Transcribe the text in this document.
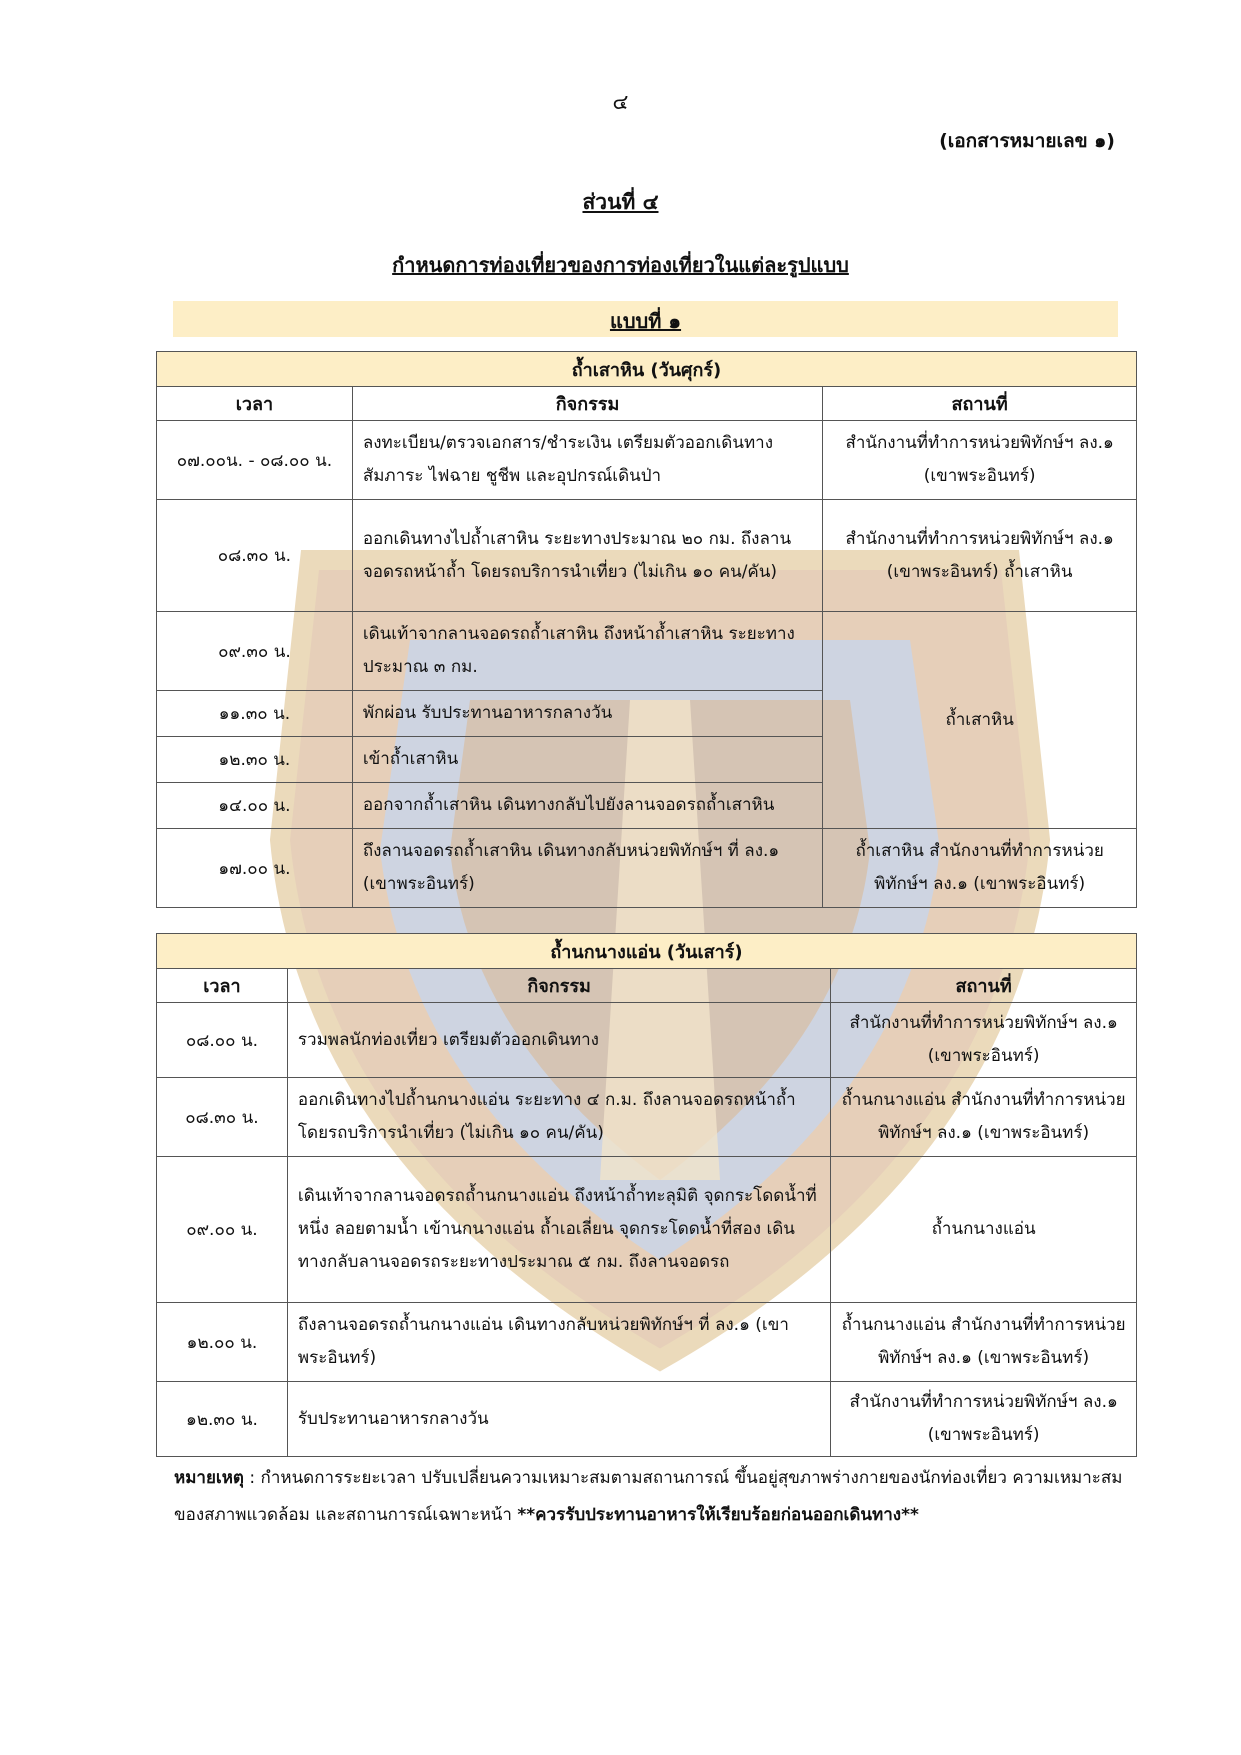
๔
(เอกสารหมายเลข ๑)
ส่วนที่ ๔
กำหนดการท่องเที่ยวของการท่องเที่ยวในแต่ละรูปแบบ
แบบที่ ๑
ถ้ำเสาหิน (วันศุกร์)		
เวลา	กิจกรรม	สถานที่
๐๗.๐๐น. - ๐๘.๐๐ น.	ลงทะเบียน/ตรวจเอกสาร/ชำระเงิน เตรียมตัวออกเดินทาง สัมภาระ ไฟฉาย ชูชีพ และอุปกรณ์เดินป่า	สำนักงานที่ทำการหน่วยพิทักษ์ฯ ลง.๑ (เขาพระอินทร์)
๐๘.๓๐ น.	ออกเดินทางไปถ้ำเสาหิน ระยะทางประมาณ ๒๐ กม. ถึงลานจอดรถหน้าถ้ำ โดยรถบริการนำเที่ยว (ไม่เกิน ๑๐ คน/คัน)	สำนักงานที่ทำการหน่วยพิทักษ์ฯ ลง.๑ (เขาพระอินทร์) ถ้ำเสาหิน
๐๙.๓๐ น.	เดินเท้าจากลานจอดรถถ้ำเสาหิน ถึงหน้าถ้ำเสาหิน ระยะทาง ประมาณ ๓ กม.	ถ้ำเสาหิน
๑๑.๓๐ น.	พักผ่อน รับประทานอาหารกลางวัน	
๑๒.๓๐ น.	เข้าถ้ำเสาหิน	
๑๔.๐๐ น.	ออกจากถ้ำเสาหิน เดินทางกลับไปยังลานจอดรถถ้ำเสาหิน	
๑๗.๐๐ น.	ถึงลานจอดรถถ้ำเสาหิน เดินทางกลับหน่วยพิทักษ์ฯ ที่ ลง.๑ (เขาพระอินทร์)	ถ้ำเสาหิน สำนักงานที่ทำการหน่วยพิทักษ์ฯ ลง.๑ (เขาพระอินทร์)
ถ้ำนกนางแอ่น (วันเสาร์)		
เวลา	กิจกรรม	สถานที่
๐๘.๐๐ น.	รวมพลนักท่องเที่ยว เตรียมตัวออกเดินทาง	สำนักงานที่ทำการหน่วยพิทักษ์ฯ ลง.๑ (เขาพระอินทร์)
๐๘.๓๐ น.	ออกเดินทางไปถ้ำนกนางแอ่น ระยะทาง ๔ ก.ม. ถึงลานจอดรถหน้าถ้ำ โดยรถบริการนำเที่ยว (ไม่เกิน ๑๐ คน/คัน)	ถ้ำนกนางแอ่น สำนักงานที่ทำการหน่วยพิทักษ์ฯ ลง.๑ (เขาพระอินทร์)
๐๙.๐๐ น.	เดินเท้าจากลานจอดรถถ้ำนกนางแอ่น ถึงหน้าถ้ำทะลุมิติ จุดกระโดดน้ำที่หนึ่ง ลอยตามน้ำ เข้านกนางแอ่น ถ้ำเอเลี่ยน จุดกระโดดน้ำที่สอง เดินทางกลับลานจอดรถระยะทางประมาณ ๕ กม. ถึงลานจอดรถ	ถ้ำนกนางแอ่น
๑๒.๐๐ น.	ถึงลานจอดรถถ้ำนกนางแอ่น เดินทางกลับหน่วยพิทักษ์ฯ ที่ ลง.๑ (เขาพระอินทร์)	ถ้ำนกนางแอ่น สำนักงานที่ทำการหน่วยพิทักษ์ฯ ลง.๑ (เขาพระอินทร์)
๑๒.๓๐ น.	รับประทานอาหารกลางวัน	สำนักงานที่ทำการหน่วยพิทักษ์ฯ ลง.๑ (เขาพระอินทร์)
หมายเหตุ : กำหนดการระยะเวลา ปรับเปลี่ยนความเหมาะสมตามสถานการณ์ ขึ้นอยู่สุขภาพร่างกายของนักท่องเที่ยว ความเหมาะสมของสภาพแวดล้อม และสถานการณ์เฉพาะหน้า **ควรรับประทานอาหารให้เรียบร้อยก่อนออกเดินทาง**
